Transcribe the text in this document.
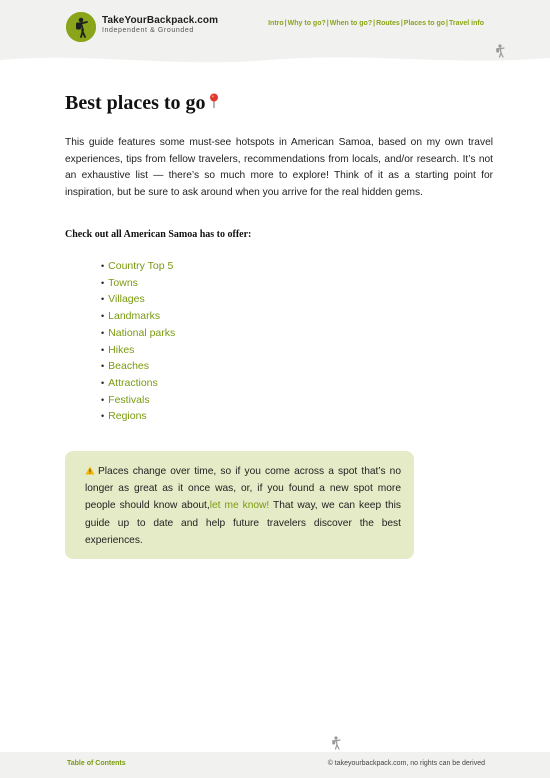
TakeYourBackpack.com
Independent & Grounded
Intro | Why to go? | When to go? | Routes | Places to go | Travel info
Best places to go

This guide features some must-see hotspots in American Samoa, based on my own travel experiences, tips from fellow travelers, recommendations from locals, and/or research. It’s not an exhaustive list — there’s so much more to explore! Think of it as a starting point for inspiration, but be sure to ask around when you arrive for the real hidden gems.

Check out all American Samoa has to offer:
• Country Top 5
• Towns
• Villages
• Landmarks
• National parks
• Hikes
• Beaches
• Attractions
• Festivals
• Regions

Places change over time, so if you come across a spot that’s no longer as great as it once was, or, if you found a new spot more people should know about,let me know! That way, we can keep this guide up to date and help future travelers discover the best experiences.

Table of Contents	© takeyourbackpack.com, no rights can be derived
